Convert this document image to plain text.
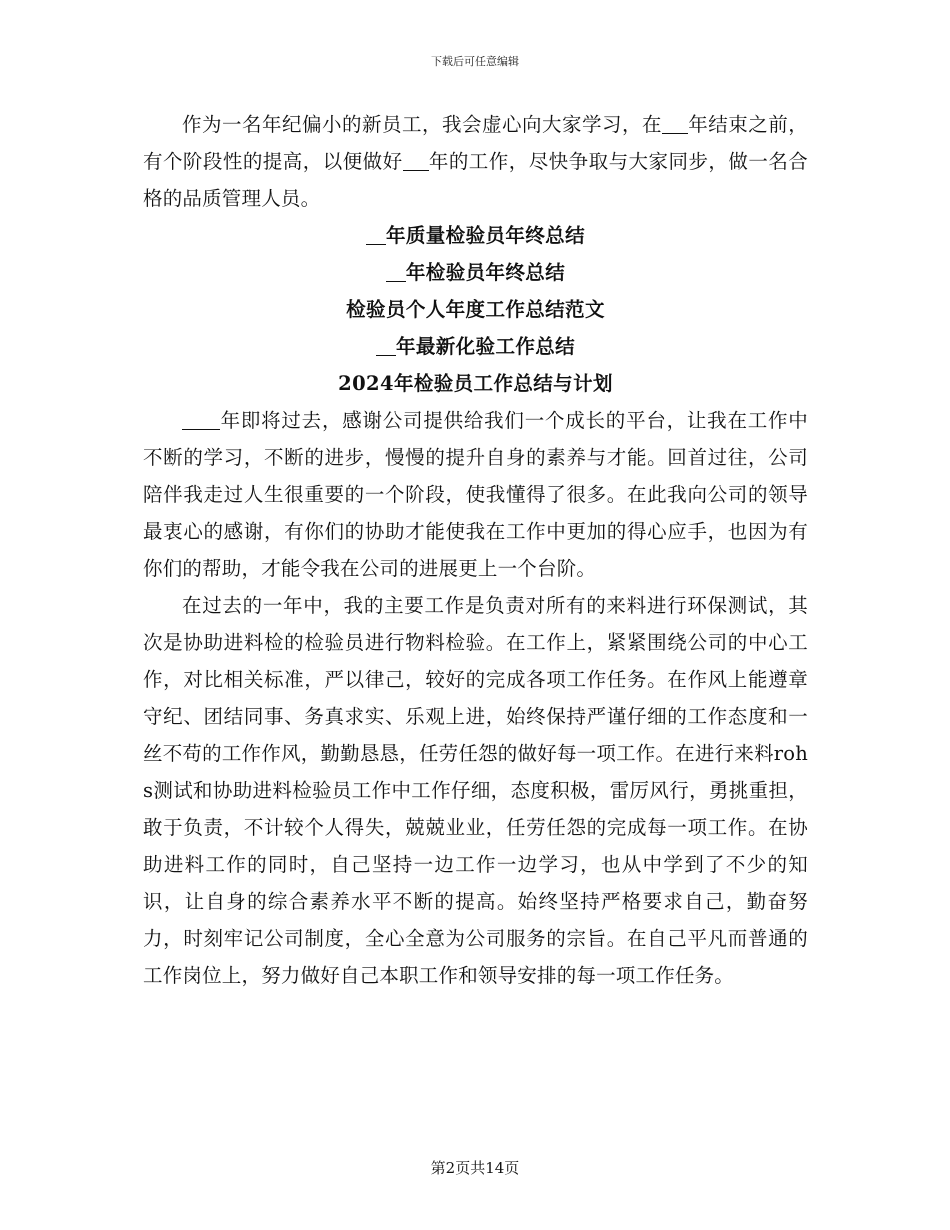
下载后可任意编辑

作为一名年纪偏小的新员工，我会虚心向大家学习，在 年结束之前，有个阶段性的提高，以便做好 年的工作，尽快争取与大家同步，做一名合格的品质管理人员。

年质量检验员年终总结

年检验员年终总结

检验员个人年度工作总结范文

年最新化验工作总结

2024年检验员工作总结与计划

年即将过去，感谢公司提供给我们一个成长的平台，让我在工作中不断的学习，不断的进步，慢慢的提升自身的素养与才能。回首过往，公司陪伴我走过人生很重要的一个阶段，使我懂得了很多。在此我向公司的领导最衷心的感谢，有你们的协助才能使我在工作中更加的得心应手，也因为有你们的帮助，才能令我在公司的进展更上一个台阶。

在过去的一年中，我的主要工作是负责对所有的来料进行环保测试，其次是协助进料检的检验员进行物料检验。在工作上，紧紧围绕公司的中心工作，对比相关标准，严以律己，较好的完成各项工作任务。在作风上能遵章守纪、团结同事、务真求实、乐观上进，始终保持严谨仔细的工作态度和一丝不苟的工作作风，勤勤恳恳，任劳任怨的做好每一项工作。在进行来料rohs测试和协助进料检验员工作中工作仔细，态度积极，雷厉风行，勇挑重担，敢于负责，不计较个人得失，兢兢业业，任劳任怨的完成每一项工作。在协助进料工作的同时，自己坚持一边工作一边学习，也从中学到了不少的知识，让自身的综合素养水平不断的提高。始终坚持严格要求自己，勤奋努力，时刻牢记公司制度，全心全意为公司服务的宗旨。在自己平凡而普通的工作岗位上，努力做好自己本职工作和领导安排的每一项工作任务。

第2页共14页
